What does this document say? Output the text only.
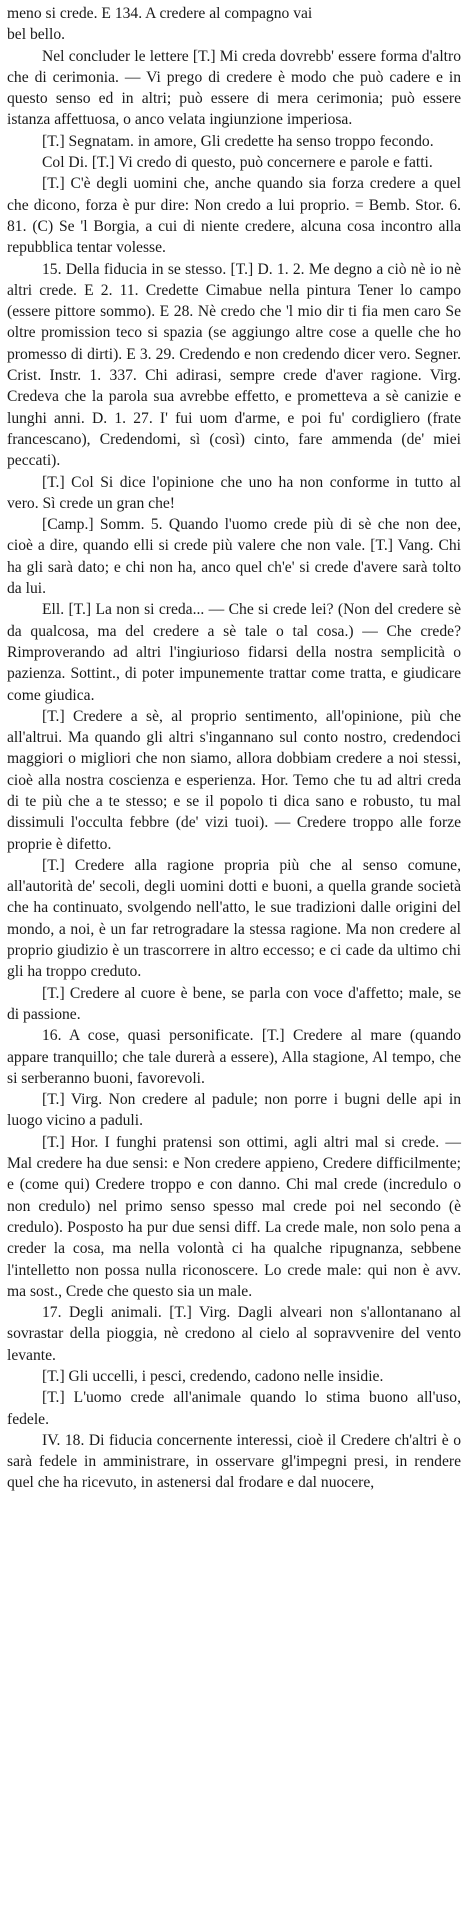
meno si crede. E 134. A credere al compagno vai
bel bello.

Nel concluder le lettere [T.] Mi creda dovrebb' essere forma d'altro che di cerimonia. — Vi prego di credere è modo che può cadere e in questo senso ed in altri; può essere di mera cerimonia; può essere istanza affettuosa, o anco velata ingiunzione imperiosa.

[T.] Segnatam. in amore, Gli credette ha senso troppo fecondo.

Col Di. [T.] Vi credo di questo, può concernere e parole e fatti.

[T.] C'è degli uomini che, anche quando sia forza credere a quel che dicono, forza è pur dire: Non credo a lui proprio. = Bemb. Stor. 6. 81. (C) Se 'l Borgia, a cui di niente credere, alcuna cosa incontro alla repubblica tentar volesse.

15. Della fiducia in se stesso. [T.] D. 1. 2. Me degno a ciò nè io nè altri crede. E 2. 11. Credette Cimabue nella pintura Tener lo campo (essere pittore sommo). E 28. Nè credo che 'l mio dir ti fia men caro Se oltre promission teco si spazia (se aggiungo altre cose a quelle che ho promesso di dirti). E 3. 29. Credendo e non credendo dicer vero. Segner. Crist. Instr. 1. 337. Chi adirasi, sempre crede d'aver ragione. Virg. Credeva che la parola sua avrebbe effetto, e prometteva a sè canizie e lunghi anni. D. 1. 27. I' fui uom d'arme, e poi fu' cordigliero (frate francescano), Credendomi, sì (così) cinto, fare ammenda (de' miei peccati).

[T.] Col Si dice l'opinione che uno ha non conforme in tutto al vero. Sì crede un gran che!

[Camp.] Somm. 5. Quando l'uomo crede più di sè che non dee, cioè a dire, quando elli si crede più valere che non vale. [T.] Vang. Chi ha gli sarà dato; e chi non ha, anco quel ch'e' si crede d'avere sarà tolto da lui.

Ell. [T.] La non si creda... — Che si crede lei? (Non del credere sè da qualcosa, ma del credere a sè tale o tal cosa.) — Che crede? Rimproverando ad altri l'ingiurioso fidarsi della nostra semplicità o pazienza. Sottint., di poter impunemente trattar come tratta, e giudicare come giudica.

[T.] Credere a sè, al proprio sentimento, all'opinione, più che all'altrui. Ma quando gli altri s'ingannano sul conto nostro, credendoci maggiori o migliori che non siamo, allora dobbiam credere a noi stessi, cioè alla nostra coscienza e esperienza. Hor. Temo che tu ad altri creda di te più che a te stesso; e se il popolo ti dica sano e robusto, tu mal dissimuli l'occulta febbre (de' vizi tuoi). — Credere troppo alle forze proprie è difetto.

[T.] Credere alla ragione propria più che al senso comune, all'autorità de' secoli, degli uomini dotti e buoni, a quella grande società che ha continuato, svolgendo nell'atto, le sue tradizioni dalle origini del mondo, a noi, è un far retrogradare la stessa ragione. Ma non credere al proprio giudizio è un trascorrere in altro eccesso; e ci cade da ultimo chi gli ha troppo creduto.

[T.] Credere al cuore è bene, se parla con voce d'affetto; male, se di passione.

16. A cose, quasi personificate. [T.] Credere al mare (quando appare tranquillo; che tale durerà a essere), Alla stagione, Al tempo, che si serberanno buoni, favorevoli.

[T.] Virg. Non credere al padule; non porre i bugni delle api in luogo vicino a paduli.

[T.] Hor. I funghi pratensi son ottimi, agli altri mal si crede. — Mal credere ha due sensi: e Non credere appieno, Credere difficilmente; e (come qui) Credere troppo e con danno. Chi mal crede (incredulo o non credulo) nel primo senso spesso mal crede poi nel secondo (è credulo). Posposto ha pur due sensi diff. La crede male, non solo pena a creder la cosa, ma nella volontà ci ha qualche ripugnanza, sebbene l'intelletto non possa nulla riconoscere. Lo crede male: qui non è avv. ma sost., Crede che questo sia un male.

17. Degli animali. [T.] Virg. Dagli alveari non s'allontanano al sovrastar della pioggia, nè credono al cielo al sopravvenire del vento levante.

[T.] Gli uccelli, i pesci, credendo, cadono nelle insidie.

[T.] L'uomo crede all'animale quando lo stima buono all'uso, fedele.

IV. 18. Di fiducia concernente interessi, cioè il Credere ch'altri è o sarà fedele in amministrare, in osservare gl'impegni presi, in rendere quel che ha ricevuto, in astenersi dal frodare e dal nuocere,
